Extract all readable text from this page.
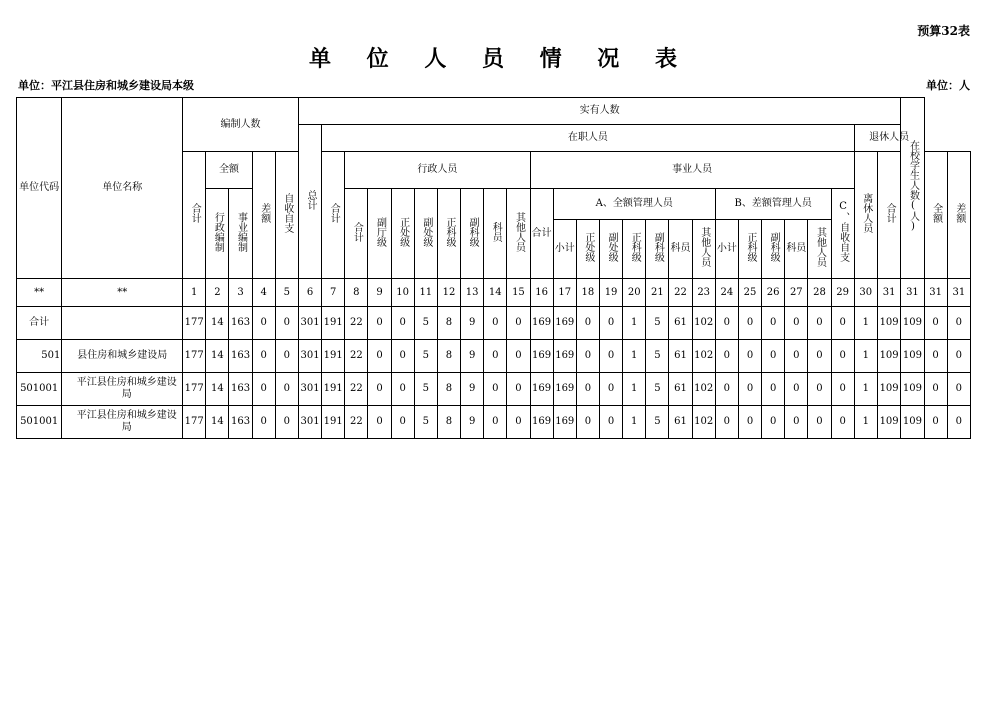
预算32表
单 位 人 员 情 况 表
单位：平江县住房和城乡建设局本级	单位：人
单位代码	单位名称	编制人数					实有人数																										在校学生人数(人)		
							总计	在职人员																							退休人员				
		合计	全额		差额	自收自支		合计	行政人员								事业人员														离休人员	合计		全额	差额
			行政编制	事业编制					合计	副厅级	正处级	副处级	正科级	副科级	科员	其他人员	合计	A、全额管理人员							B、差额管理人员					C、自收自支					
																		小计	正处级	副处级	正科级	副科级	科员	其他人员	小计	正科级	副科级	科员	其他人员						

**	**	1	2	3	4	5	6	7	8	9	10	11	12	13	14	15	16	17	18	19	20	21	22	23	24	25	26	27	28	29	30	31	31	31	31
合计		177	14	163	0	0	301	191	22	0	0	5	8	9	0	0	169	169	0	0	1	5	61	102	0	0	0	0	0	0	1	109	109	0	0
501	县住房和城乡建设局	177	14	163	0	0	301	191	22	0	0	5	8	9	0	0	169	169	0	0	1	5	61	102	0	0	0	0	0	0	1	109	109	0	0
501001	平江县住房和城乡建设局	177	14	163	0	0	301	191	22	0	0	5	8	9	0	0	169	169	0	0	1	5	61	102	0	0	0	0	0	0	1	109	109	0	0
501001	平江县住房和城乡建设局	177	14	163	0	0	301	191	22	0	0	5	8	9	0	0	169	169	0	0	1	5	61	102	0	0	0	0	0	0	1	109	109	0	0
